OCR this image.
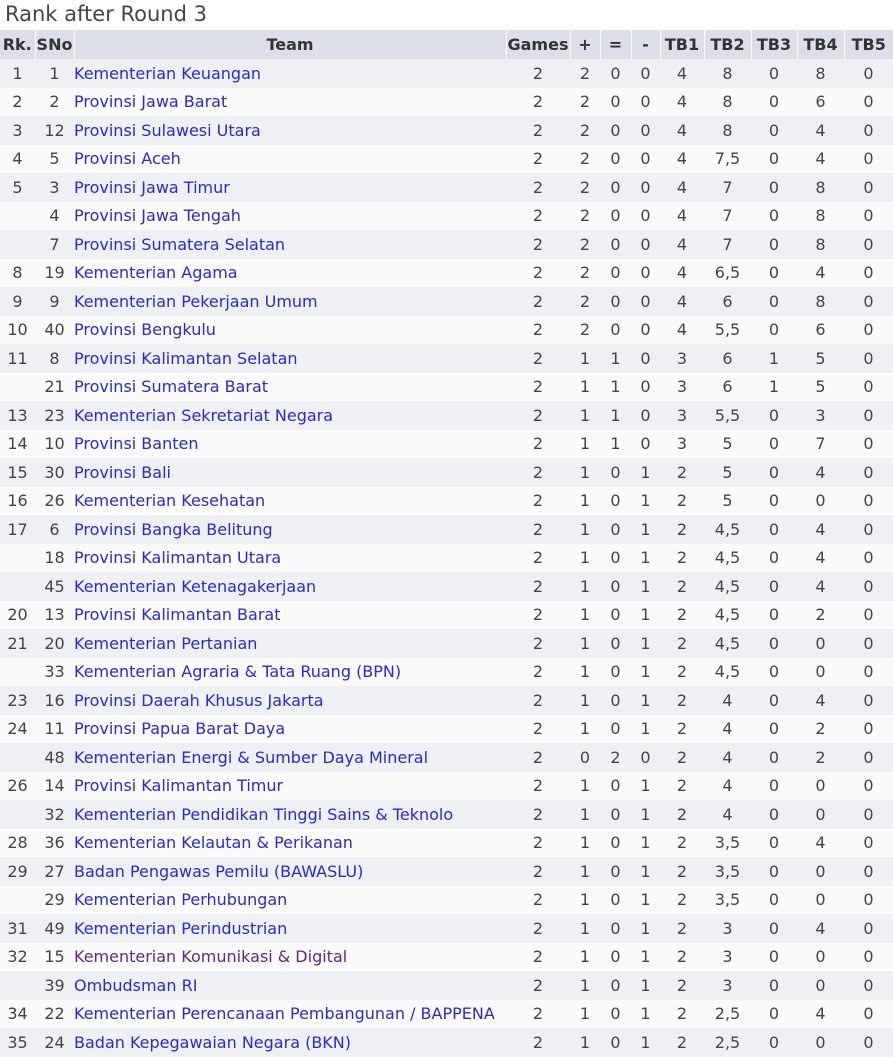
Rank after Round 3
Rk.	SNo	Team	Games	+	=	-	TB1	TB2	TB3	TB4	TB5
1	1	Kementerian Keuangan	2	2	0	0	4	8	0	8	0
2	2	Provinsi Jawa Barat	2	2	0	0	4	8	0	6	0
3	12	Provinsi Sulawesi Utara	2	2	0	0	4	8	0	4	0
4	5	Provinsi Aceh	2	2	0	0	4	7,5	0	4	0
5	3	Provinsi Jawa Timur	2	2	0	0	4	7	0	8	0
	4	Provinsi Jawa Tengah	2	2	0	0	4	7	0	8	0
	7	Provinsi Sumatera Selatan	2	2	0	0	4	7	0	8	0
8	19	Kementerian Agama	2	2	0	0	4	6,5	0	4	0
9	9	Kementerian Pekerjaan Umum	2	2	0	0	4	6	0	8	0
10	40	Provinsi Bengkulu	2	2	0	0	4	5,5	0	6	0
11	8	Provinsi Kalimantan Selatan	2	1	1	0	3	6	1	5	0
	21	Provinsi Sumatera Barat	2	1	1	0	3	6	1	5	0
13	23	Kementerian Sekretariat Negara	2	1	1	0	3	5,5	0	3	0
14	10	Provinsi Banten	2	1	1	0	3	5	0	7	0
15	30	Provinsi Bali	2	1	0	1	2	5	0	4	0
16	26	Kementerian Kesehatan	2	1	0	1	2	5	0	0	0
17	6	Provinsi Bangka Belitung	2	1	0	1	2	4,5	0	4	0
	18	Provinsi Kalimantan Utara	2	1	0	1	2	4,5	0	4	0
	45	Kementerian Ketenagakerjaan	2	1	0	1	2	4,5	0	4	0
20	13	Provinsi Kalimantan Barat	2	1	0	1	2	4,5	0	2	0
21	20	Kementerian Pertanian	2	1	0	1	2	4,5	0	0	0
	33	Kementerian Agraria & Tata Ruang (BPN)	2	1	0	1	2	4,5	0	0	0
23	16	Provinsi Daerah Khusus Jakarta	2	1	0	1	2	4	0	4	0
24	11	Provinsi Papua Barat Daya	2	1	0	1	2	4	0	2	0
	48	Kementerian Energi & Sumber Daya Mineral	2	0	2	0	2	4	0	2	0
26	14	Provinsi Kalimantan Timur	2	1	0	1	2	4	0	0	0
	32	Kementerian Pendidikan Tinggi Sains & Teknolo	2	1	0	1	2	4	0	0	0
28	36	Kementerian Kelautan & Perikanan	2	1	0	1	2	3,5	0	4	0
29	27	Badan Pengawas Pemilu (BAWASLU)	2	1	0	1	2	3,5	0	0	0
	29	Kementerian Perhubungan	2	1	0	1	2	3,5	0	0	0
31	49	Kementerian Perindustrian	2	1	0	1	2	3	0	4	0
32	15	Kementerian Komunikasi & Digital	2	1	0	1	2	3	0	0	0
	39	Ombudsman RI	2	1	0	1	2	3	0	0	0
34	22	Kementerian Perencanaan Pembangunan / BAPPENA	2	1	0	1	2	2,5	0	4	0
35	24	Badan Kepegawaian Negara (BKN)	2	1	0	1	2	2,5	0	0	0
